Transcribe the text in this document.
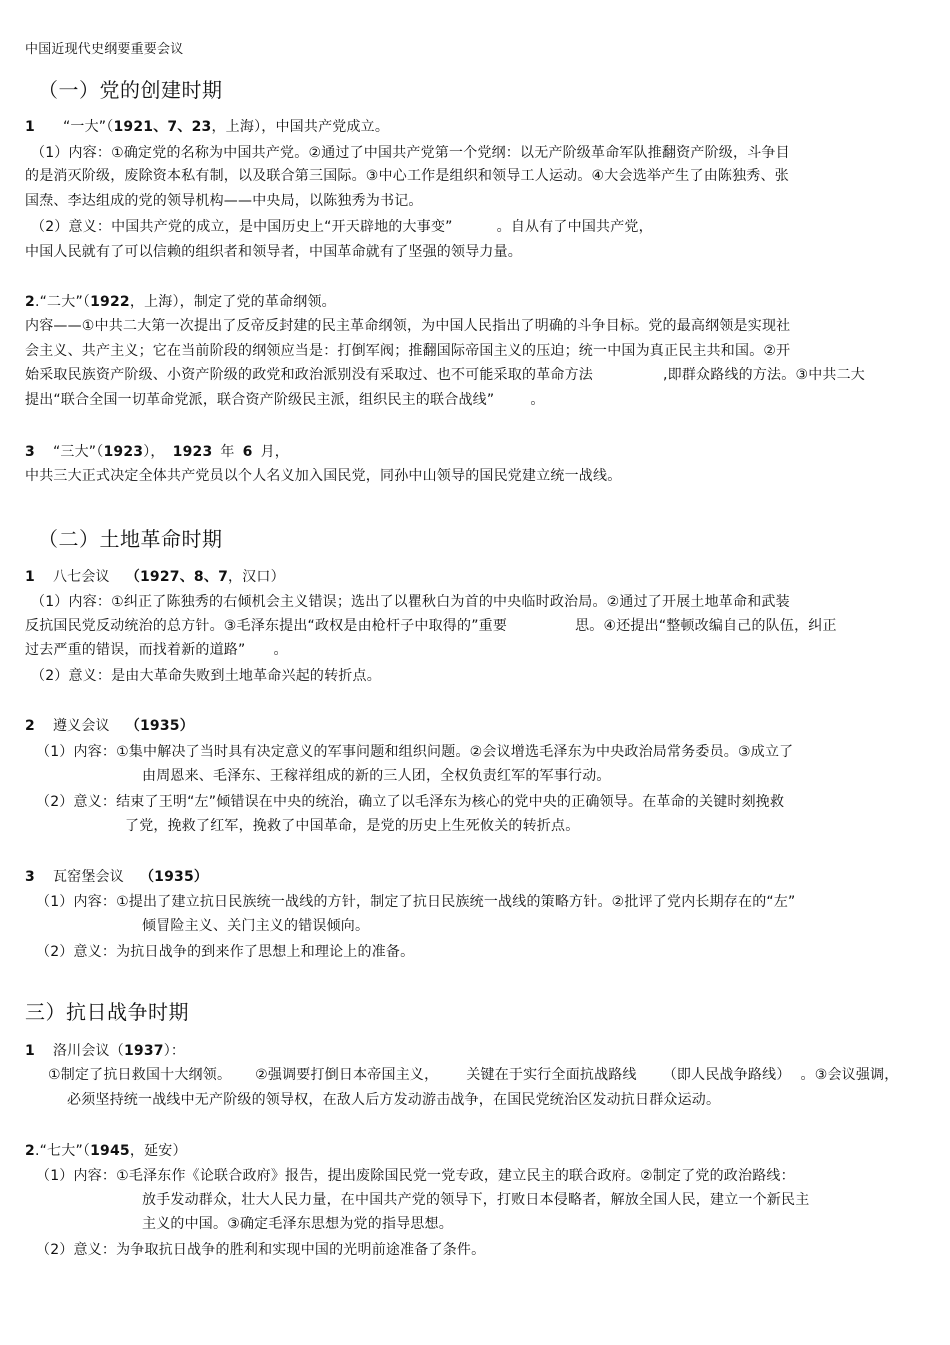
中国近现代史纲要重要会议
（一）党的创建时期
1 “一大”（1921、7、23，上海），中国共产党成立。
（1）内容：①确定党的名称为中国共产党。②通过了中国共产党第一个党纲：以无产阶级革命军队推翻资产阶级，斗争目
的是消灭阶级，废除资本私有制，以及联合第三国际。③中心工作是组织和领导工人运动。④大会选举产生了由陈独秀、张
国焘、李达组成的党的领导机构——中央局，以陈独秀为书记。
（2）意义：中国共产党的成立，是中国历史上“开天辟地的大事变”	。自从有了中国共产党，
中国人民就有了可以信赖的组织者和领导者，中国革命就有了坚强的领导力量。
2.“二大”（1922，上海），制定了党的革命纲领。
内容——①中共二大第一次提出了反帝反封建的民主革命纲领，为中国人民指出了明确的斗争目标。党的最高纲领是实现社
会主义、共产主义；它在当前阶段的纲领应当是：打倒军阀；推翻国际帝国主义的压迫；统一中国为真正民主共和国。②开
始采取民族资产阶级、小资产阶级的政党和政治派别没有采取过、也不可能采取的革命方法	,即群众路线的方法。③中共二大
提出“联合全国一切革命党派，联合资产阶级民主派，组织民主的联合战线”	。
3 “三大”（1923）， 1923 年 6 月，
中共三大正式决定全体共产党员以个人名义加入国民党，同孙中山领导的国民党建立统一战线。
（二）土地革命时期
1 八七会议 （1927、8、7，汉口）
（1）内容：①纠正了陈独秀的右倾机会主义错误；选出了以瞿秋白为首的中央临时政治局。②通过了开展土地革命和武装
反抗国民党反动统治的总方针。③毛泽东提出“政权是由枪杆子中取得的”重要	思。④还提出“整顿改编自己的队伍，纠正
过去严重的错误，而找着新的道路” 。
（2）意义：是由大革命失败到土地革命兴起的转折点。
2 遵义会议 （1935）
（1）内容：①集中解决了当时具有决定意义的军事问题和组织问题。②会议增选毛泽东为中央政治局常务委员。③成立了
由周恩来、毛泽东、王稼祥组成的新的三人团，全权负责红军的军事行动。
（2）意义：结束了王明“左”倾错误在中央的统治，确立了以毛泽东为核心的党中央的正确领导。在革命的关键时刻挽救
了党，挽救了红军，挽救了中国革命，是党的历史上生死攸关的转折点。
3 瓦窑堡会议 （1935）
（1）内容：①提出了建立抗日民族统一战线的方针，制定了抗日民族统一战线的策略方针。②批评了党内长期存在的“左”
倾冒险主义、关门主义的错误倾向。
（2）意义：为抗日战争的到来作了思想上和理论上的准备。
三）抗日战争时期
1 洛川会议（1937）：
①制定了抗日救国十大纲领。 ②强调要打倒日本帝国主义， 关键在于实行全面抗战路线 （即人民战争路线） 。③会议强调，
必须坚持统一战线中无产阶级的领导权，在敌人后方发动游击战争，在国民党统治区发动抗日群众运动。
2.“七大”（1945，延安）
（1）内容：①毛泽东作《论联合政府》报告，提出废除国民党一党专政，建立民主的联合政府。②制定了党的政治路线：
放手发动群众，壮大人民力量，在中国共产党的领导下，打败日本侵略者，解放全国人民，建立一个新民主
主义的中国。③确定毛泽东思想为党的指导思想。
（2）意义：为争取抗日战争的胜利和实现中国的光明前途准备了条件。
